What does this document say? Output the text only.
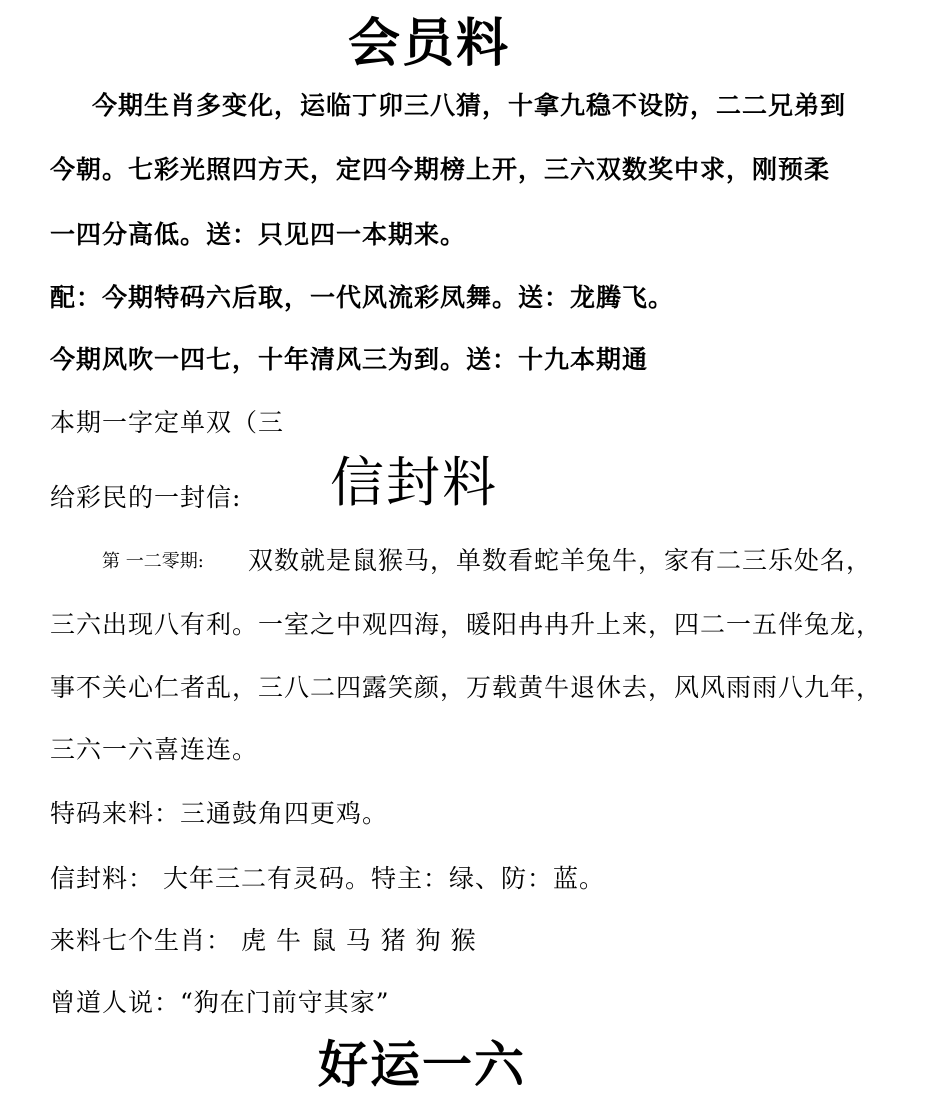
会员料
今期生肖多变化，运临丁卯三八猜，十拿九稳不设防，二二兄弟到
今朝。七彩光照四方天，定四今期榜上开，三六双数奖中求，刚预柔
一四分高低。送：只见四一本期来。
配：今期特码六后取，一代风流彩凤舞。送：龙腾飞。
今期风吹一四七，十年清风三为到。送：十九本期通
本期一字定单双（三
给彩民的一封信: 信封料
第 一二零期: 双数就是鼠猴马，单数看蛇羊兔牛，家有二三乐处名，
三六出现八有利。一室之中观四海，暖阳冉冉升上来，四二一五伴兔龙，
事不关心仁者乱，三八二四露笑颜，万载黄牛退休去，风风雨雨八九年，
三六一六喜连连。
特码来料：三通鼓角四更鸡。
信封料： 大年三二有灵码。特主：绿、防：蓝。
来料七个生肖： 虎 牛 鼠 马 猪 狗 猴
曾道人说：“狗在门前守其家”
好运一六
